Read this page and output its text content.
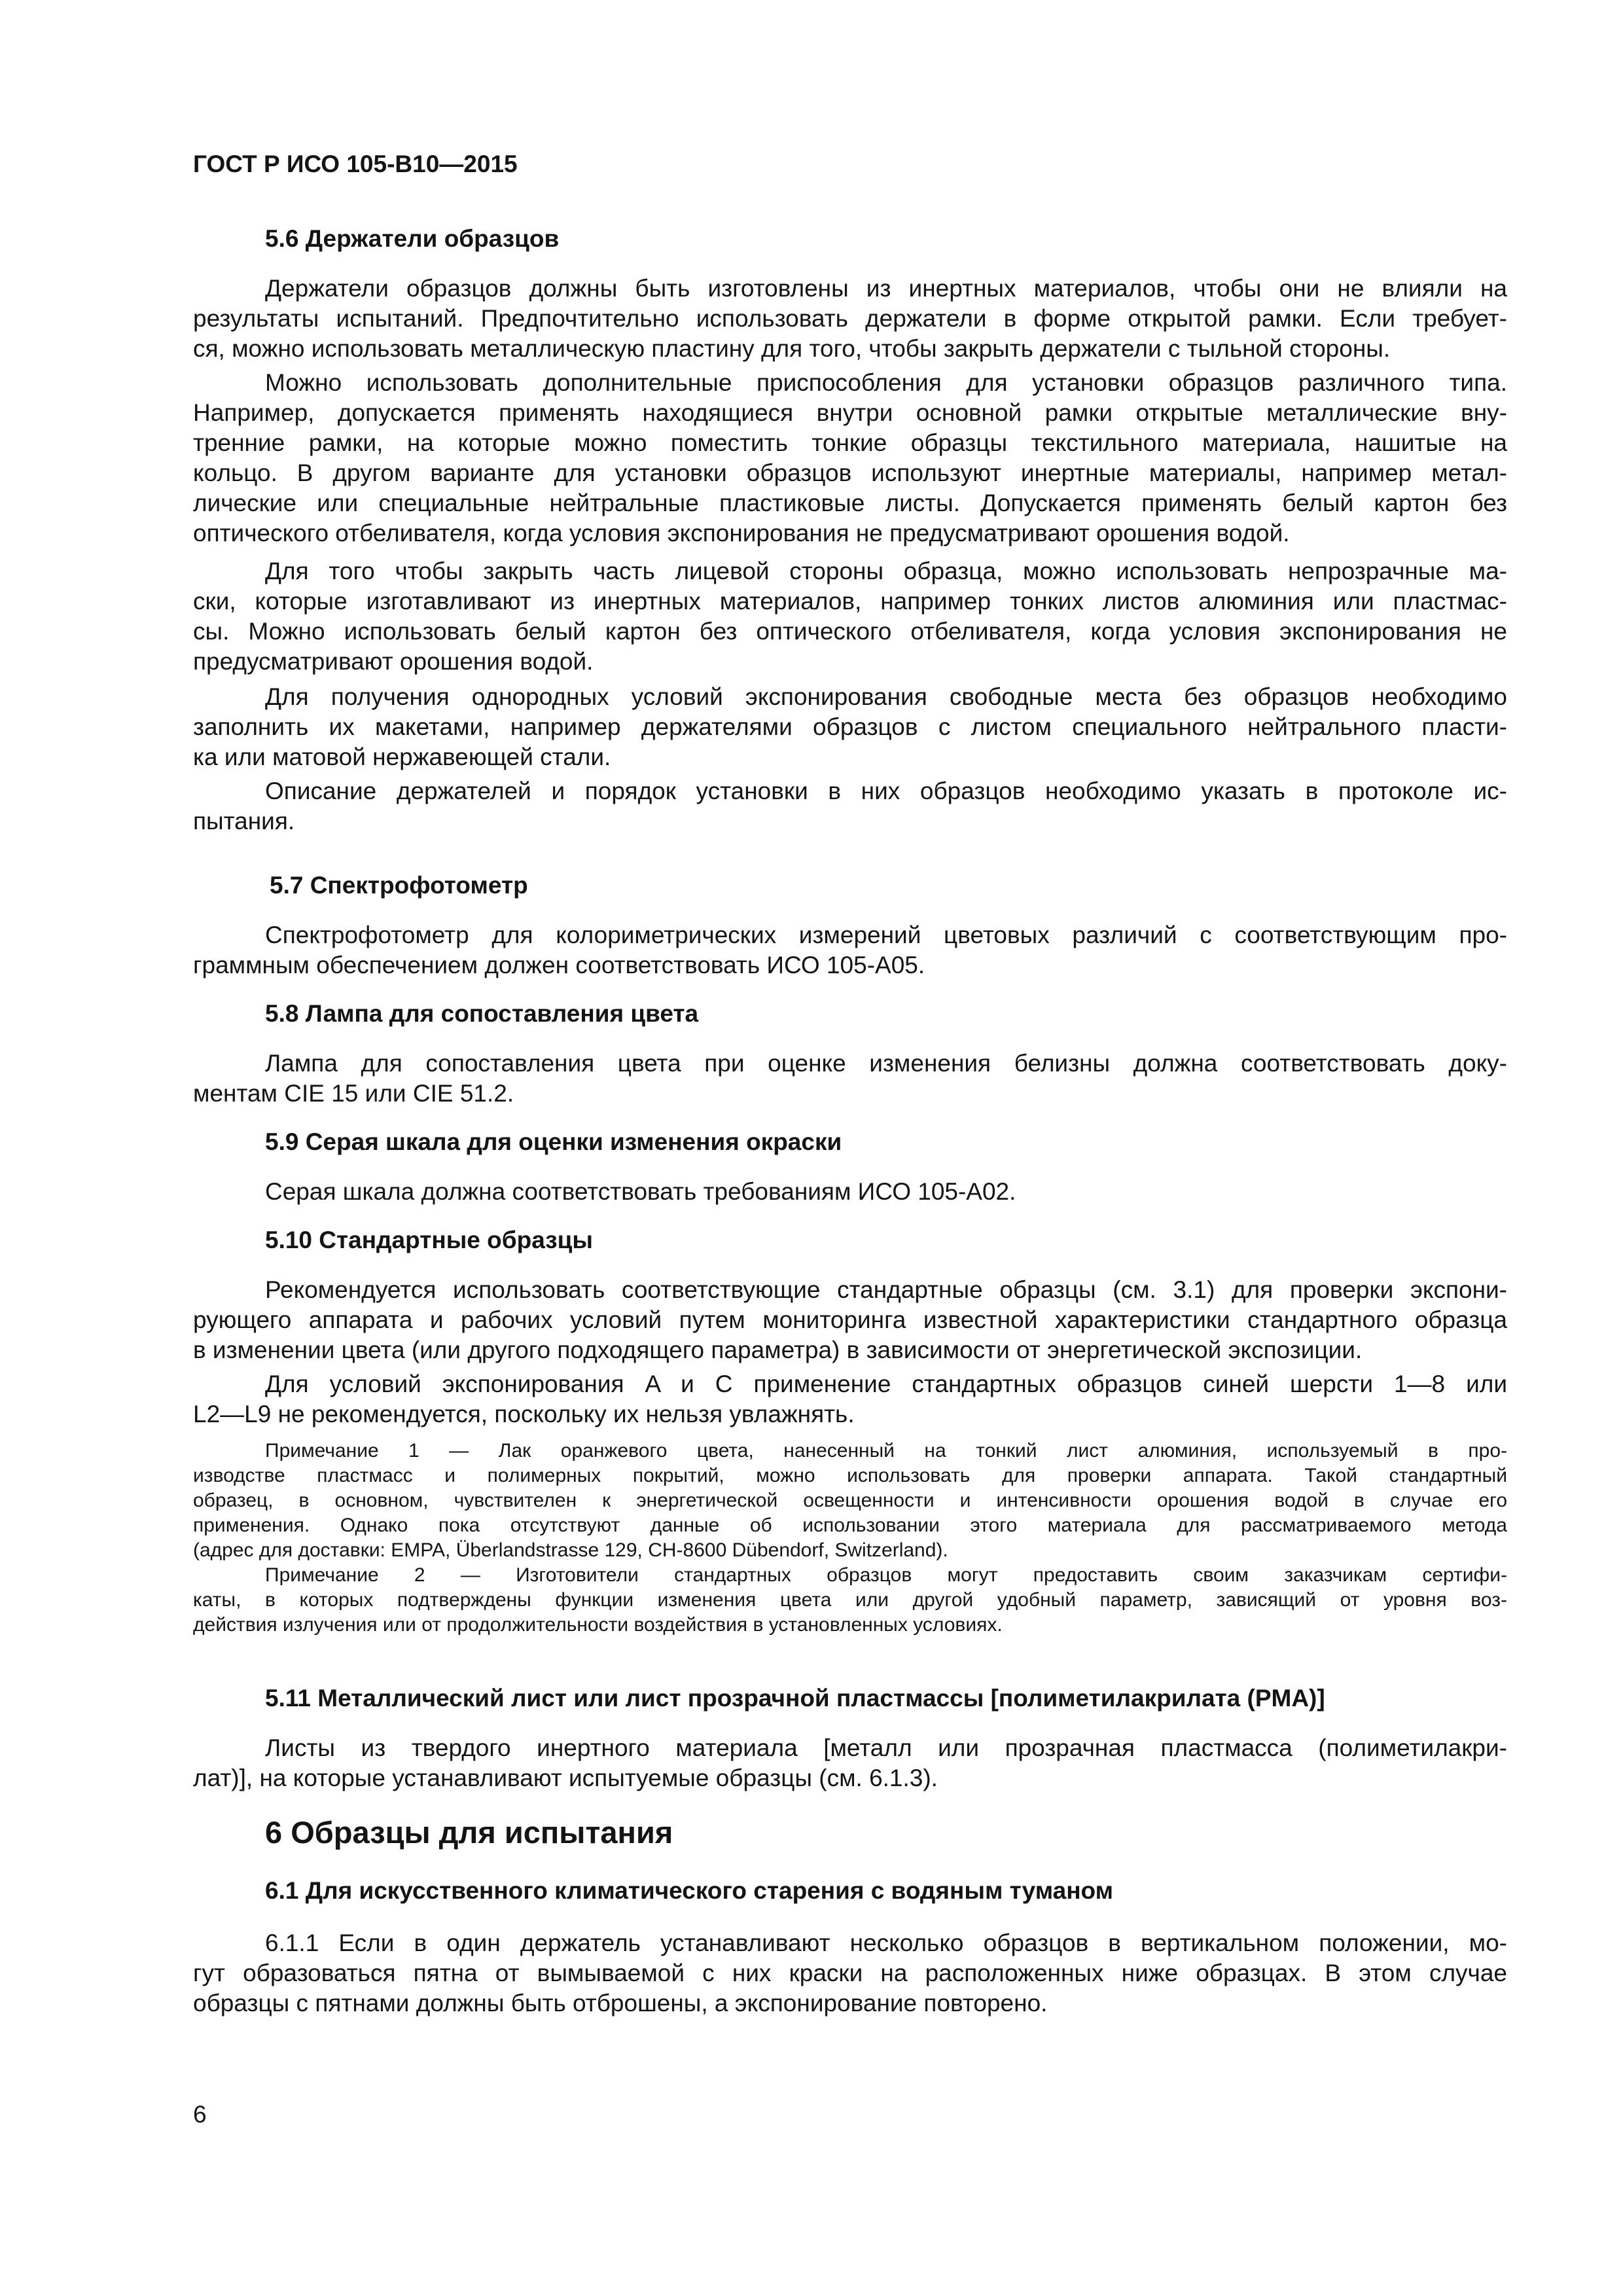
ГОСТ Р ИСО 105-B10—2015
5.6 Держатели образцов
Держатели образцов должны быть изготовлены из инертных материалов, чтобы они не влияли на
результаты испытаний. Предпочтительно использовать держатели в форме открытой рамки. Если требует-
ся, можно использовать металлическую пластину для того, чтобы закрыть держатели с тыльной стороны.
Можно использовать дополнительные приспособления для установки образцов различного типа.
Например, допускается применять находящиеся внутри основной рамки открытые металлические вну-
тренние рамки, на которые можно поместить тонкие образцы текстильного материала, нашитые на
кольцо. В другом варианте для установки образцов используют инертные материалы, например метал-
лические или специальные нейтральные пластиковые листы. Допускается применять белый картон без
оптического отбеливателя, когда условия экспонирования не предусматривают орошения водой.
Для того чтобы закрыть часть лицевой стороны образца, можно использовать непрозрачные ма-
ски, которые изготавливают из инертных материалов, например тонких листов алюминия или пластмас-
сы. Можно использовать белый картон без оптического отбеливателя, когда условия экспонирования не
предусматривают орошения водой.
Для получения однородных условий экспонирования свободные места без образцов необходимо
заполнить их макетами, например держателями образцов с листом специального нейтрального пласти-
ка или матовой нержавеющей стали.
Описание держателей и порядок установки в них образцов необходимо указать в протоколе ис-
пытания.
5.7 Спектрофотометр
Спектрофотометр для колориметрических измерений цветовых различий с соответствующим про-
граммным обеспечением должен соответствовать ИСО 105-A05.
5.8 Лампа для сопоставления цвета
Лампа для сопоставления цвета при оценке изменения белизны должна соответствовать доку-
ментам CIE 15 или CIE 51.2.
5.9 Серая шкала для оценки изменения окраски
Серая шкала должна соответствовать требованиям ИСО 105-A02.
5.10 Стандартные образцы
Рекомендуется использовать соответствующие стандартные образцы (см. 3.1) для проверки экспони-
рующего аппарата и рабочих условий путем мониторинга известной характеристики стандартного образца
в изменении цвета (или другого подходящего параметра) в зависимости от энергетической экспозиции.
Для условий экспонирования A и C применение стандартных образцов синей шерсти 1—8 или
L2—L9 не рекомендуется, поскольку их нельзя увлажнять.
Примечание 1 — Лак оранжевого цвета, нанесенный на тонкий лист алюминия, используемый в про-
изводстве пластмасс и полимерных покрытий, можно использовать для проверки аппарата. Такой стандартный
образец, в основном, чувствителен к энергетической освещенности и интенсивности орошения водой в случае его
применения. Однако пока отсутствуют данные об использовании этого материала для рассматриваемого метода
(адрес для доставки: EMPA, Überlandstrasse 129, CH-8600 Dübendorf, Switzerland).
Примечание 2 — Изготовители стандартных образцов могут предоставить своим заказчикам сертифи-
каты, в которых подтверждены функции изменения цвета или другой удобный параметр, зависящий от уровня воз-
действия излучения или от продолжительности воздействия в установленных условиях.
5.11 Металлический лист или лист прозрачной пластмассы [полиметилакрилата (PMA)]
Листы из твердого инертного материала [металл или прозрачная пластмасса (полиметилакри-
лат)], на которые устанавливают испытуемые образцы (см. 6.1.3).
6 Образцы для испытания
6.1 Для искусственного климатического старения с водяным туманом
6.1.1 Если в один держатель устанавливают несколько образцов в вертикальном положении, мо-
гут образоваться пятна от вымываемой с них краски на расположенных ниже образцах. В этом случае
образцы с пятнами должны быть отброшены, а экспонирование повторено.
6
